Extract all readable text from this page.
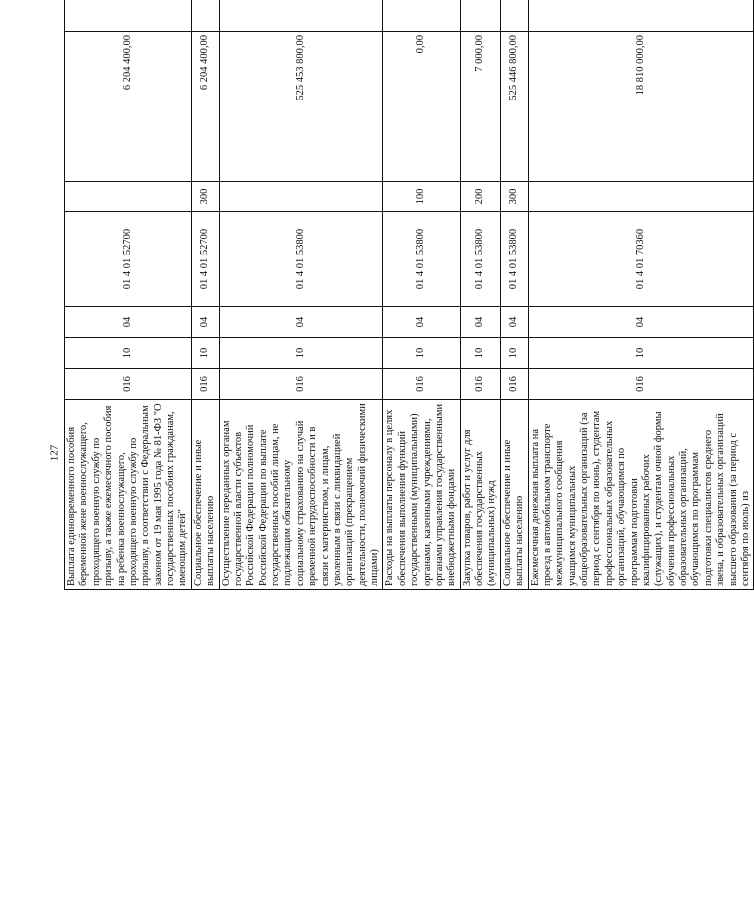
127 Выплата единовременного пособия беременной жене военнослужащего, проходящего военную службу по призыву, а также ежемесячного пособия на ребенка военнослужащего, проходящего военную службу по призыву, в соответствии с Федеральным законом от 19 мая 1995 года № 81-ФЗ "О государственных пособиях гражданам, имеющим детей"	016	10	04	01 4 01 52700		6 204 400,00		
Социальное обеспечение и иные выплаты населению	016	10	04	01 4 01 52700	300	6 204 400,00		
Осуществление переданных органам государственной власти субъектов Российской Федерации полномочий Российской Федерации по выплате государственных пособий лицам, не подлежащим обязательному социальному страхованию на случай временной нетрудоспособности и в связи с материнством, и лицам, уволенным в связи с ликвидацией организаций (прекращением деятельности, полномочий физическими лицами)	016	10	04	01 4 01 53800		525 453 800,00		
Расходы на выплаты персоналу в целях обеспечения выполнения функций государственными (муниципальными) органами, казенными учреждениями, органами управления государственными внебюджетными фондами	016	10	04	01 4 01 53800	100	0,00		
Закупка товаров, работ и услуг для обеспечения государственных (муниципальных) нужд	016	10	04	01 4 01 53800	200	7 000,00		
Социальное обеспечение и иные выплаты населению	016	10	04	01 4 01 53800	300	525 446 800,00		
Ежемесячная денежная выплата на проезд в автомобильном транспорте межмуниципального сообщения учащимся муниципальных общеобразовательных организаций (за период с сентября по июнь), студентам профессиональных образовательных организаций, обучающимся по программам подготовки квалифицированных рабочих (служащих), и студентам очной формы обучения профессиональных образовательных организаций, обучающимся по программам подготовки специалистов среднего звена, и образовательных организаций высшего образования (за период с сентября по июль) из	016	10	04	01 4 01 70360		18 810 000,00		
